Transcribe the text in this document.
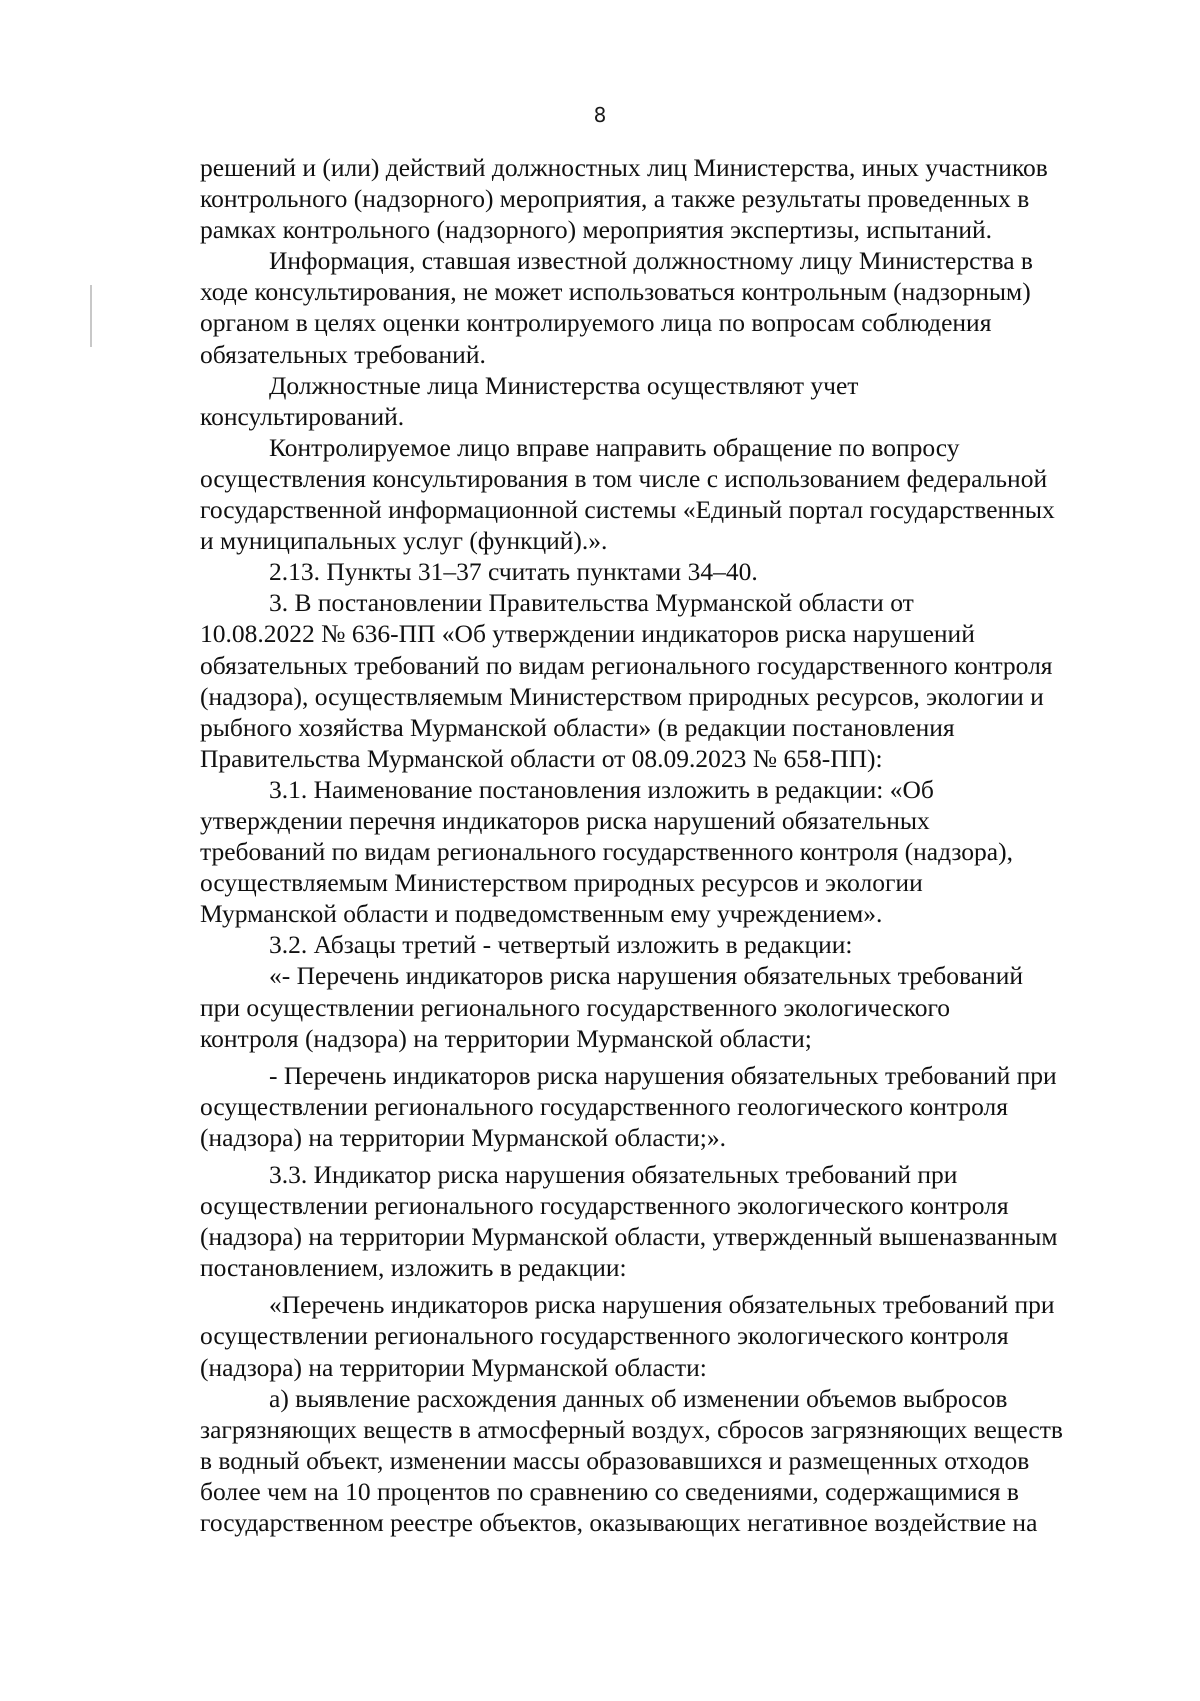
8

решений и (или) действий должностных лиц Министерства, иных участников
контрольного (надзорного) мероприятия, а также результаты проведенных в
рамках контрольного (надзорного) мероприятия экспертизы, испытаний.

Информация, ставшая известной должностному лицу Министерства в
ходе консультирования, не может использоваться контрольным (надзорным)
органом в целях оценки контролируемого лица по вопросам соблюдения
обязательных требований.

Должностные лица Министерства осуществляют учет
консультирований.

Контролируемое лицо вправе направить обращение по вопросу
осуществления консультирования в том числе с использованием федеральной
государственной информационной системы «Единый портал государственных
и муниципальных услуг (функций).».

2.13. Пункты 31–37 считать пунктами 34–40.

3. В постановлении Правительства Мурманской области от
10.08.2022 № 636-ПП «Об утверждении индикаторов риска нарушений
обязательных требований по видам регионального государственного контроля
(надзора), осуществляемым Министерством природных ресурсов, экологии и
рыбного хозяйства Мурманской области» (в редакции постановления
Правительства Мурманской области от 08.09.2023 № 658-ПП):

3.1. Наименование постановления изложить в редакции: «Об
утверждении перечня индикаторов риска нарушений обязательных
требований по видам регионального государственного контроля (надзора),
осуществляемым Министерством природных ресурсов и экологии
Мурманской области и подведомственным ему учреждением».

3.2. Абзацы третий - четвертый изложить в редакции:

«- Перечень индикаторов риска нарушения обязательных требований
при осуществлении регионального государственного экологического
контроля (надзора) на территории Мурманской области;

- Перечень индикаторов риска нарушения обязательных требований при
осуществлении регионального государственного геологического контроля
(надзора) на территории Мурманской области;».

3.3. Индикатор риска нарушения обязательных требований при
осуществлении регионального государственного экологического контроля
(надзора) на территории Мурманской области, утвержденный вышеназванным
постановлением, изложить в редакции:

«Перечень индикаторов риска нарушения обязательных требований при
осуществлении регионального государственного экологического контроля
(надзора) на территории Мурманской области:

а) выявление расхождения данных об изменении объемов выбросов
загрязняющих веществ в атмосферный воздух, сбросов загрязняющих веществ
в водный объект, изменении массы образовавшихся и размещенных отходов
более чем на 10 процентов по сравнению со сведениями, содержащимися в
государственном реестре объектов, оказывающих негативное воздействие на
